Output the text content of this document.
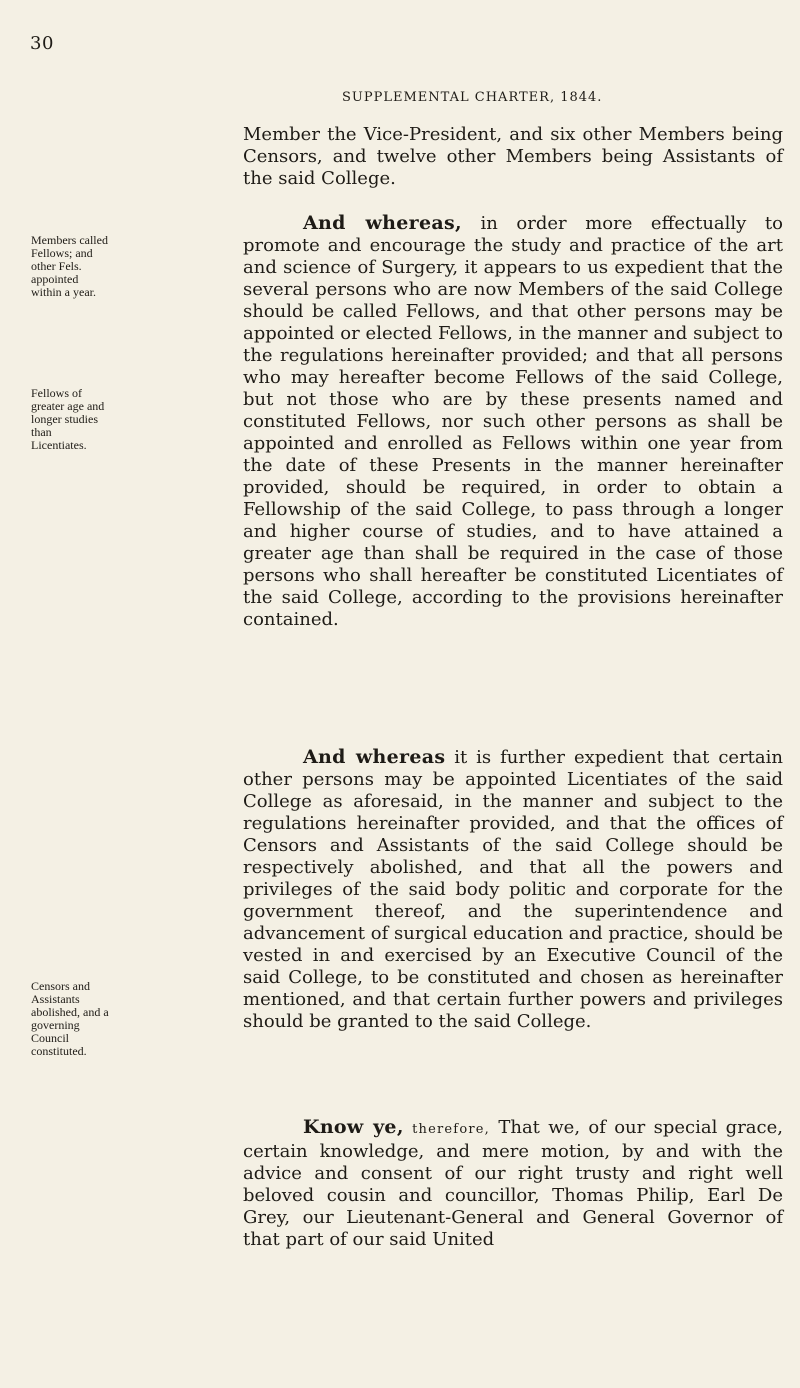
30
SUPPLEMENTAL CHARTER, 1844.
Members called Fellows; and other Fels. appointed within a year.
Fellows of greater age and longer studies than Licentiates.
Censors and Assistants abolished, and a governing Council constituted.

Member the Vice-President, and six other Members being Censors, and twelve other Members being Assistants of the said College.

And whereas, in order more effectually to promote and encourage the study and practice of the art and science of Surgery, it appears to us expedient that the several persons who are now Members of the said College should be called Fellows, and that other persons may be appointed or elected Fellows, in the manner and subject to the regulations hereinafter provided; and that all persons who may hereafter become Fellows of the said College, but not those who are by these presents named and constituted Fellows, nor such other persons as shall be appointed and enrolled as Fellows within one year from the date of these Presents in the manner hereinafter provided, should be required, in order to obtain a Fellowship of the said College, to pass through a longer and higher course of studies, and to have attained a greater age than shall be required in the case of those persons who shall hereafter be constituted Licentiates of the said College, according to the provisions hereinafter contained.

And whereas it is further expedient that certain other persons may be appointed Licentiates of the said College as aforesaid, in the manner and subject to the regulations hereinafter provided, and that the offices of Censors and Assistants of the said College should be respectively abolished, and that all the powers and privileges of the said body politic and corporate for the government thereof, and the superintendence and advancement of surgical education and practice, should be vested in and exercised by an Executive Council of the said College, to be constituted and chosen as hereinafter mentioned, and that certain further powers and privileges should be granted to the said College.

Know ye, therefore, That we, of our special grace, certain knowledge, and mere motion, by and with the advice and consent of our right trusty and right well beloved cousin and councillor, Thomas Philip, Earl De Grey, our Lieutenant-General and General Governor of that part of our said United
